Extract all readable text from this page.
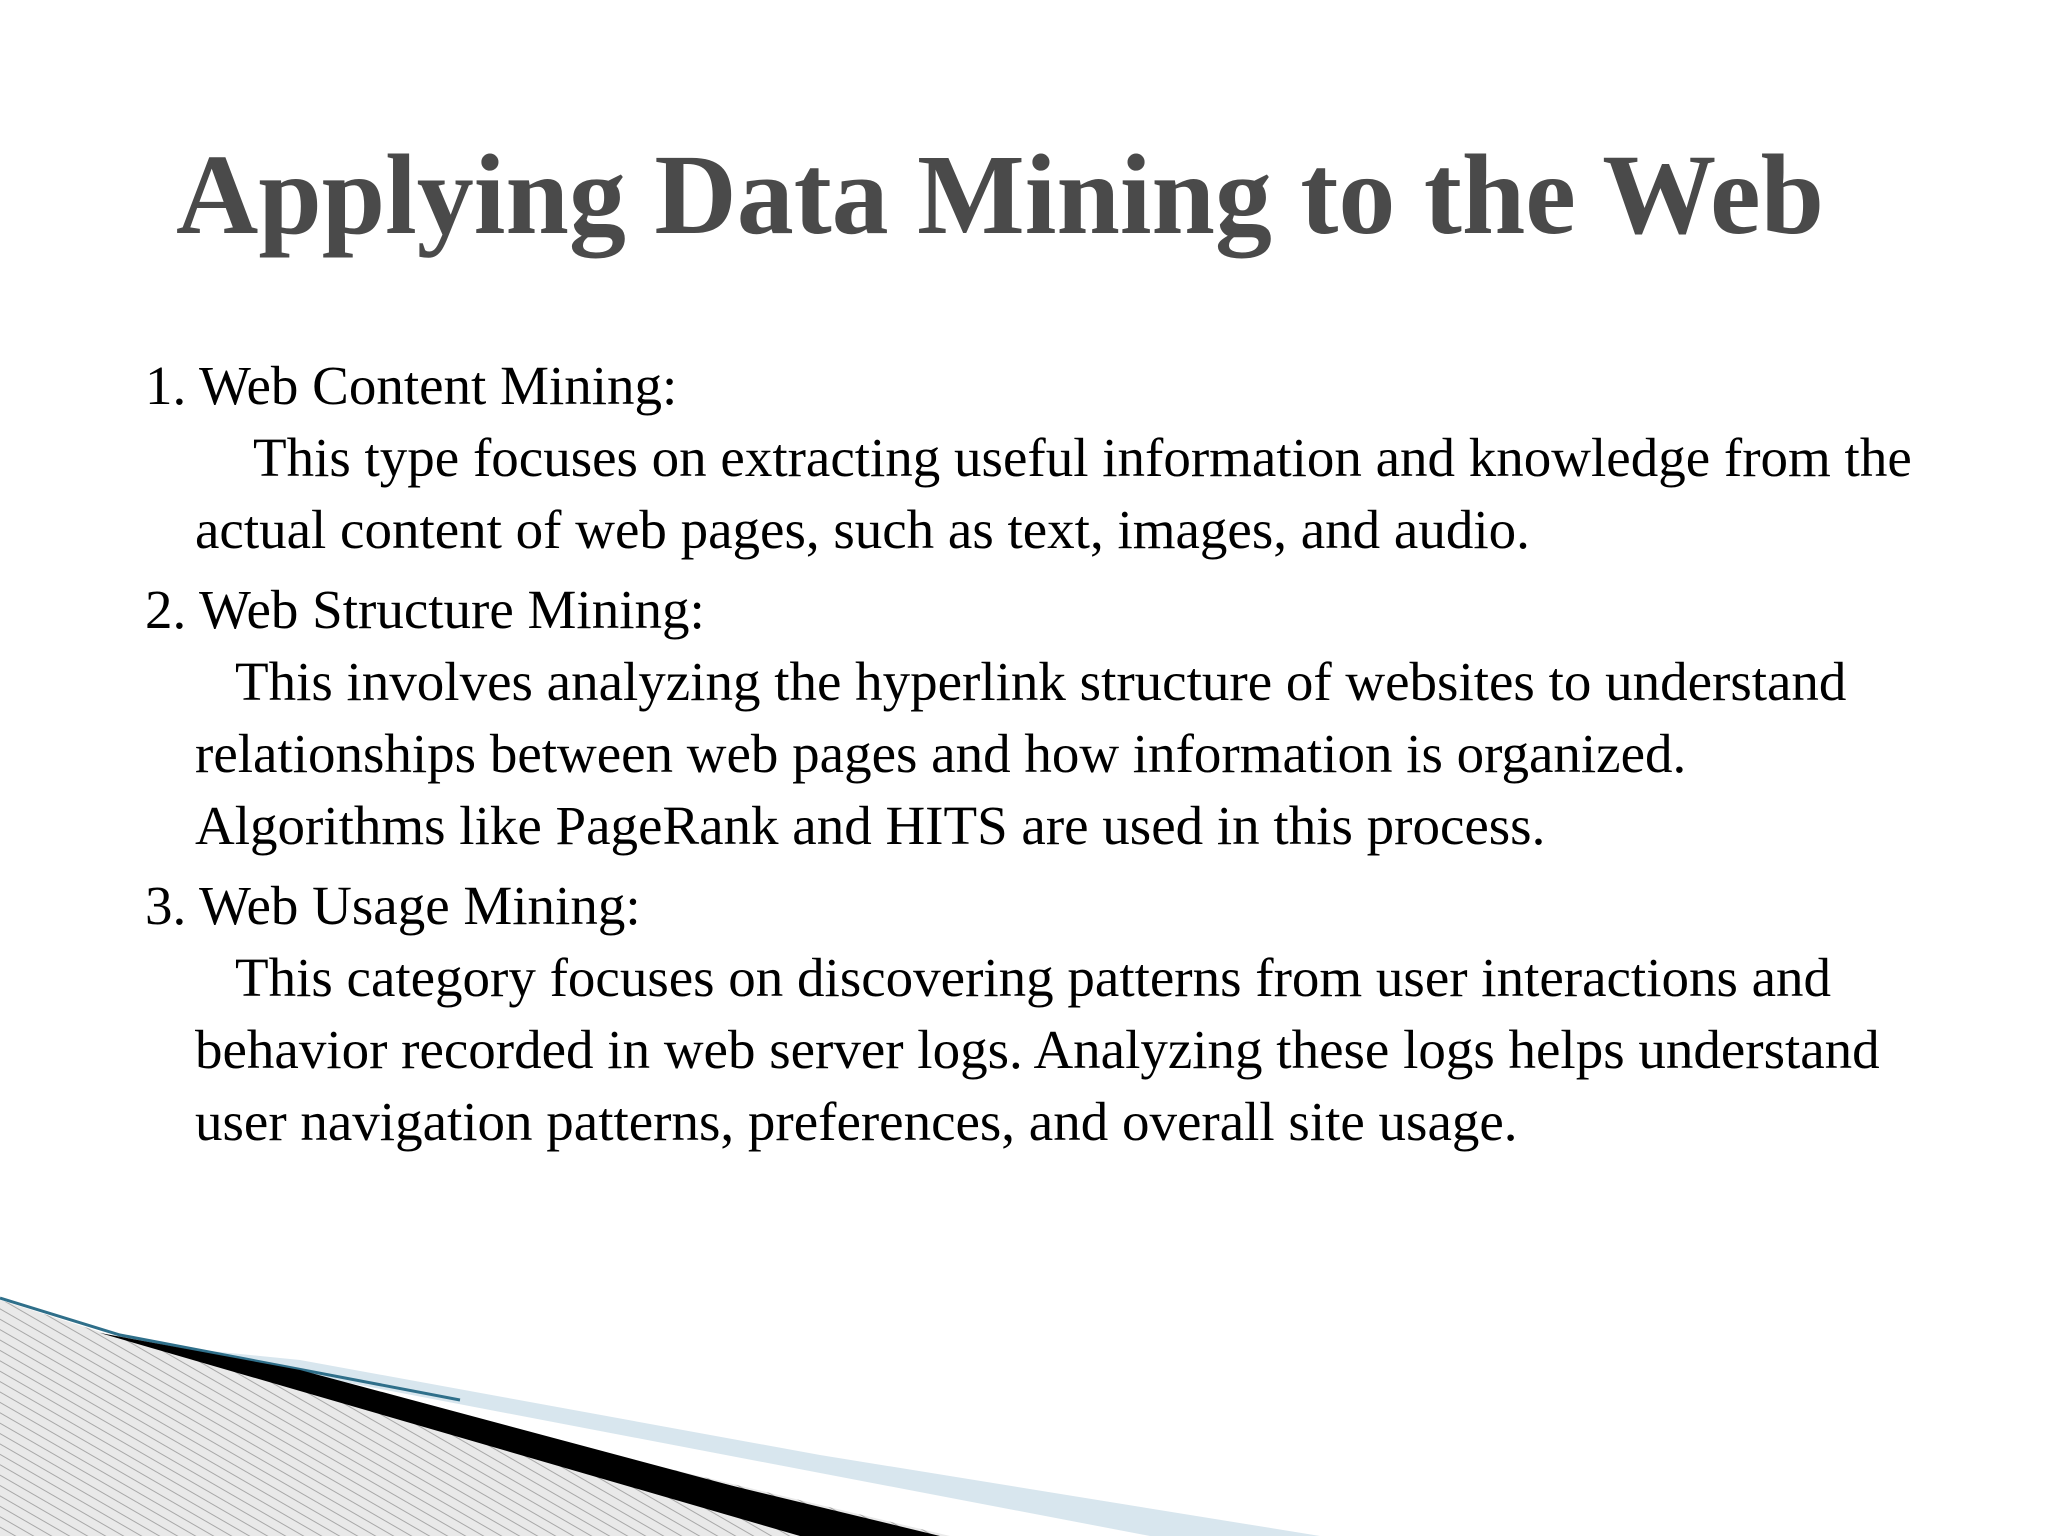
Applying Data Mining to the Web
1. Web Content Mining:
This type focuses on extracting useful information and knowledge from the actual content of web pages, such as text, images, and audio.
2. Web Structure Mining:
This involves analyzing the hyperlink structure of websites to understand relationships between web pages and how information is organized. Algorithms like PageRank and HITS are used in this process.
3. Web Usage Mining:
This category focuses on discovering patterns from user interactions and behavior recorded in web server logs. Analyzing these logs helps understand user navigation patterns, preferences, and overall site usage.
